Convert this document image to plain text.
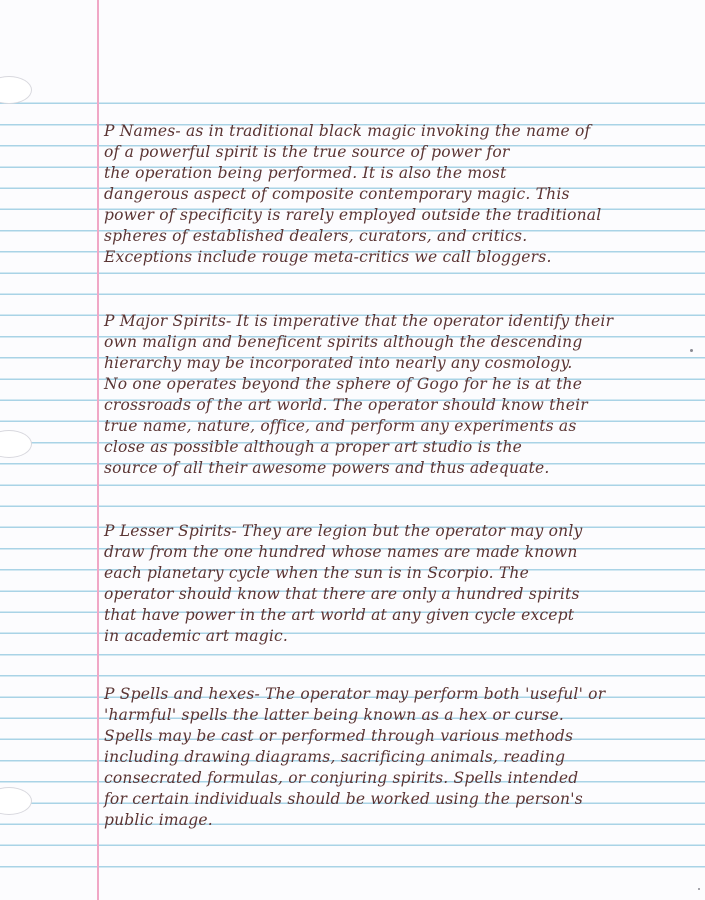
P Names- as in traditional black magic invoking the name of
of a powerful spirit is the true source of power for
the operation being performed. It is also the most
dangerous aspect of composite contemporary magic. This
power of specificity is rarely employed outside the traditional
spheres of established dealers, curators, and critics.
Exceptions include rouge meta-critics we call bloggers.
P Major Spirits- It is imperative that the operator identify their
own malign and beneficent spirits although the descending
hierarchy may be incorporated into nearly any cosmology.
No one operates beyond the sphere of Gogo for he is at the
crossroads of the art world. The operator should know their
true name, nature, office, and perform any experiments as
close as possible although a proper art studio is the
source of all their awesome powers and thus adequate.
P Lesser Spirits- They are legion but the operator may only
draw from the one hundred whose names are made known
each planetary cycle when the sun is in Scorpio. The
operator should know that there are only a hundred spirits
that have power in the art world at any given cycle except
in academic art magic.
P Spells and hexes- The operator may perform both 'useful' or
'harmful' spells the latter being known as a hex or curse.
Spells may be cast or performed through various methods
including drawing diagrams, sacrificing animals, reading
consecrated formulas, or conjuring spirits. Spells intended
for certain individuals should be worked using the person's
public image.
